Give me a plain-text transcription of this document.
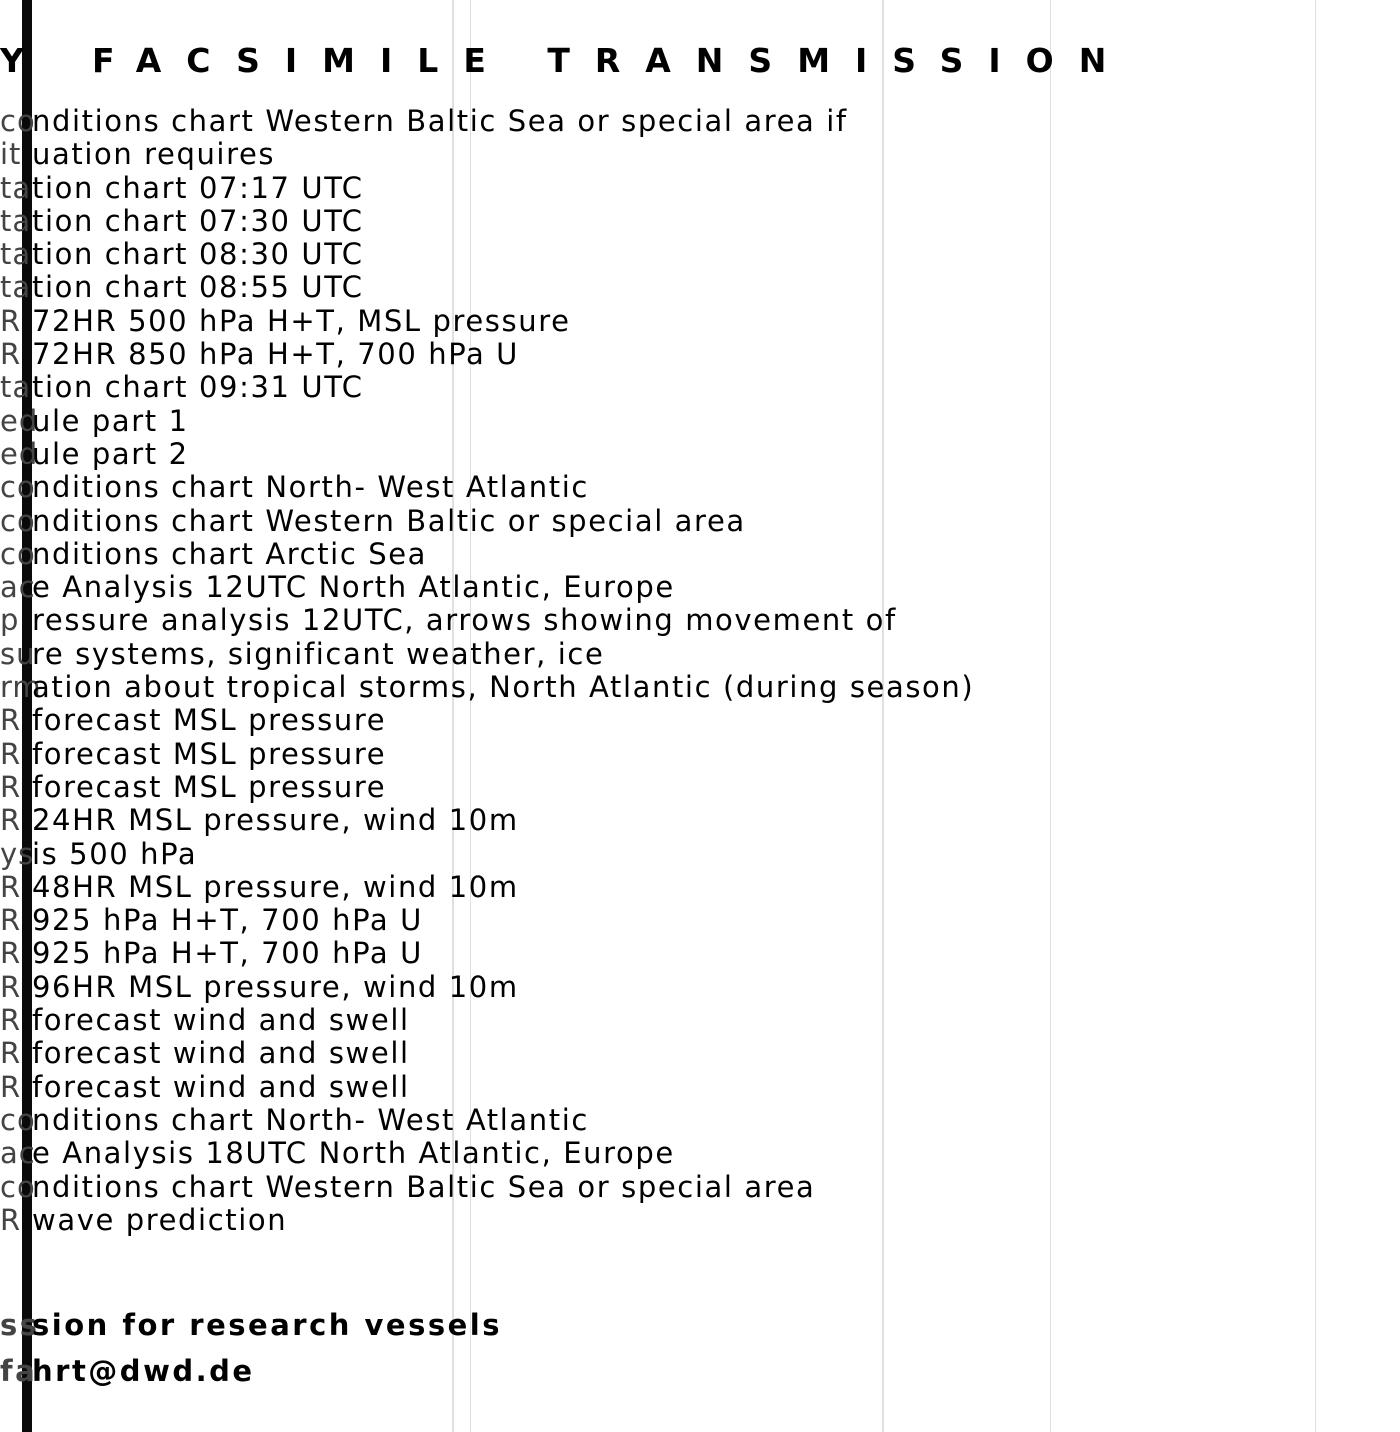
Y FACSIMILE TRANSMISSION
co
nditions chart Western Baltic Sea or special area if
it uation requires
ta tion chart 07:17 UTC
ta tion chart 07:30 UTC
ta tion chart 08:30 UTC
ta tion chart 08:55 UTC
R 72HR 500 hPa H+T, MSL pressure
R 72HR 850 hPa H+T, 700 hPa U
ta tion chart 09:31 UTC
ed
ule part 1
ed
ule part 2
co
nditions chart North- West Atlantic
co
nditions chart Western Baltic or special area
co
nditions chart Arctic Sea
ac
e Analysis 12UTC North Atlantic, Europe
p ressure analysis 12UTC, arrows showing movement of
su
re systems, significant weather, ice
rm
ation about tropical storms, North Atlantic (during season)
R forecast MSL pressure
R forecast MSL pressure
R forecast MSL pressure
R 24HR MSL pressure, wind 10m
ys
is 500 hPa
R 48HR MSL pressure, wind 10m
R 925 hPa H+T, 700 hPa U
R 925 hPa H+T, 700 hPa U
R 96HR MSL pressure, wind 10m
R forecast wind and swell
R forecast wind and swell
R forecast wind and swell
co
nditions chart North- West Atlantic
ac
e Analysis 18UTC North Atlantic, Europe
co
nditions chart Western Baltic Sea or special area
R wave prediction
ss
sion for research vessels
fa
hrt@dwd.de
